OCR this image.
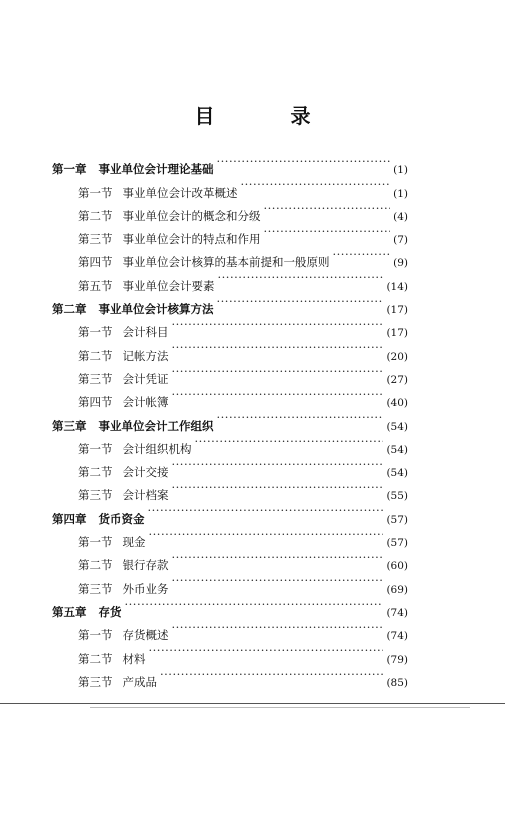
目　录
第一章 事业单位会计理论基础 ·····	(1)
第一节 事业单位会计改革概述 ·····	(1)
第二节 事业单位会计的概念和分级 ·····	(4)
第三节 事业单位会计的特点和作用 ·····	(7)
第四节 事业单位会计核算的基本前提和一般原则 ·····	(9)
第五节 事业单位会计要素 ·····	(14)
第二章 事业单位会计核算方法 ·····	(17)
第一节 会计科目 ·····	(17)
第二节 记帐方法 ·····	(20)
第三节 会计凭证 ·····	(27)
第四节 会计帐簿 ·····	(40)
第三章 事业单位会计工作组织 ·····	(54)
第一节 会计组织机构 ·····	(54)
第二节 会计交接 ·····	(54)
第三节 会计档案 ·····	(55)
第四章 货币资金 ·····	(57)
第一节 现金 ·····	(57)
第二节 银行存款 ·····	(60)
第三节 外币业务 ·····	(69)
第五章 存货 ·····	(74)
第一节 存货概述 ·····	(74)
第二节 材料 ·····	(79)
第三节 产成品 ·····	(85)
